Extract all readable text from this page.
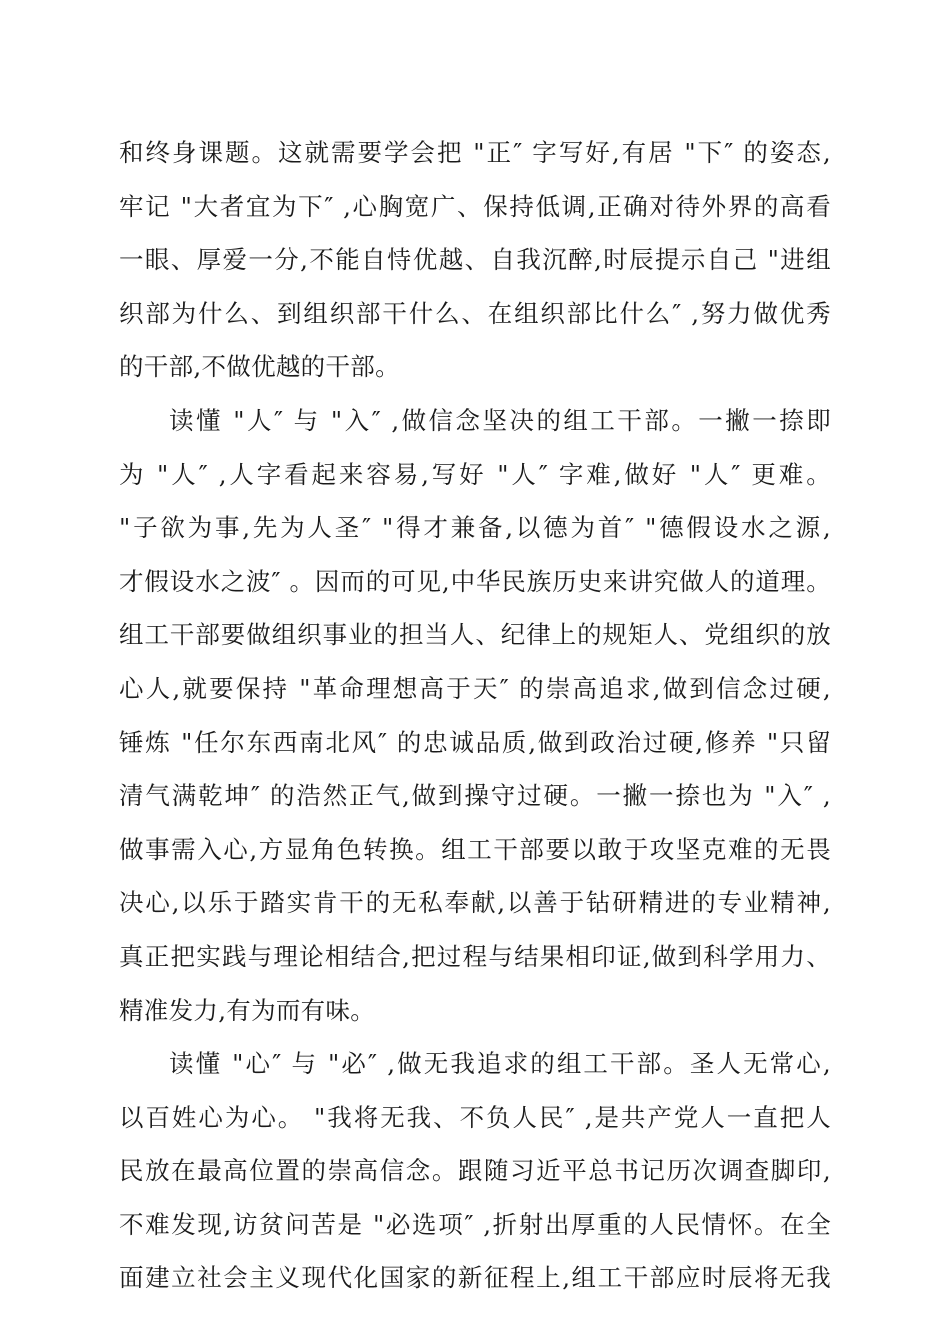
和终身课题。这就需要学会把 "正″ 字写好,有居 "下″ 的姿态,
牢记 "大者宜为下″ ,心胸宽广、保持低调,正确对待外界的高看
一眼、厚爱一分,不能自恃优越、自我沉醉,时辰提示自己 "进组
织部为什么、到组织部干什么、在组织部比什么″ ,努力做优秀
的干部,不做优越的干部。
读懂 "人″ 与 "入″ ,做信念坚决的组工干部。一撇一捺即
为 "人″ ,人字看起来容易,写好 "人″ 字难,做好 "人″ 更难。
"子欲为事,先为人圣″ "得才兼备,以德为首″ "德假设水之源,
才假设水之波″ 。因而的可见,中华民族历史来讲究做人的道理。
组工干部要做组织事业的担当人、纪律上的规矩人、党组织的放
心人,就要保持 "革命理想高于天″ 的崇高追求,做到信念过硬,
锤炼 "任尔东西南北风″ 的忠诚品质,做到政治过硬,修养 "只留
清气满乾坤″ 的浩然正气,做到操守过硬。一撇一捺也为 "入″ ,
做事需入心,方显角色转换。组工干部要以敢于攻坚克难的无畏
决心,以乐于踏实肯干的无私奉献,以善于钻研精进的专业精神,
真正把实践与理论相结合,把过程与结果相印证,做到科学用力、
精准发力,有为而有味。
读懂 "心″ 与 "必″ ,做无我追求的组工干部。圣人无常心,
以百姓心为心。 "我将无我、不负人民″ ,是共产党人一直把人
民放在最高位置的崇高信念。跟随习近平总书记历次调查脚印,
不难发现,访贫问苦是 "必选项″ ,折射出厚重的人民情怀。在全
面建立社会主义现代化国家的新征程上,组工干部应时辰将无我
